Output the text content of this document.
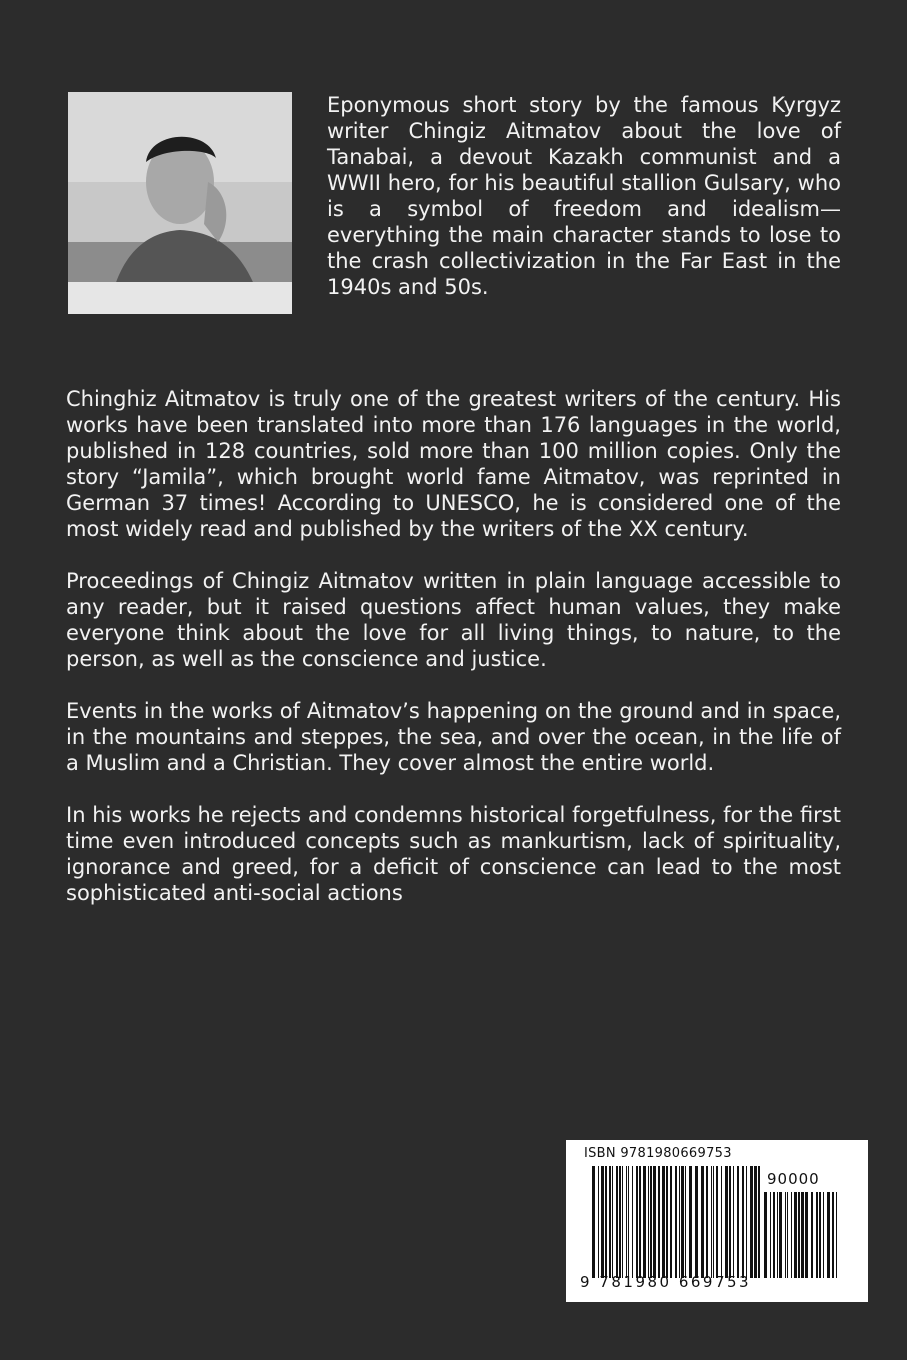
Eponymous short story by the famous Kyrgyz writer Chingiz Aitmatov about the love of Tanabai, a devout Kazakh communist and a WWII hero, for his beautiful stallion Gulsary, who is a symbol of freedom and idealism—everything the main character stands to lose to the crash collectivization in the Far East in the 1940s and 50s.

Chinghiz Aitmatov is truly one of the greatest writers of the century. His works have been translated into more than 176 languages in the world, published in 128 countries, sold more than 100 million copies. Only the story “Jamila”, which brought world fame Aitmatov, was reprinted in German 37 times! According to UNESCO, he is considered one of the most widely read and published by the writers of the XX century.

Proceedings of Chingiz Aitmatov written in plain language accessible to any reader, but it raised questions affect human values, they make everyone think about the love for all living things, to nature, to the person, as well as the conscience and justice.

Events in the works of Aitmatov’s happening on the ground and in space, in the mountains and steppes, the sea, and over the ocean, in the life of a Muslim and a Christian. They cover almost the entire world.

In his works he rejects and condemns historical forgetfulness, for the first time even introduced concepts such as mankurtism, lack of spirituality, ignorance and greed, for a deficit of conscience can lead to the most sophisticated anti-social actions

ISBN 9781980669753
90000
9 781980 669753
